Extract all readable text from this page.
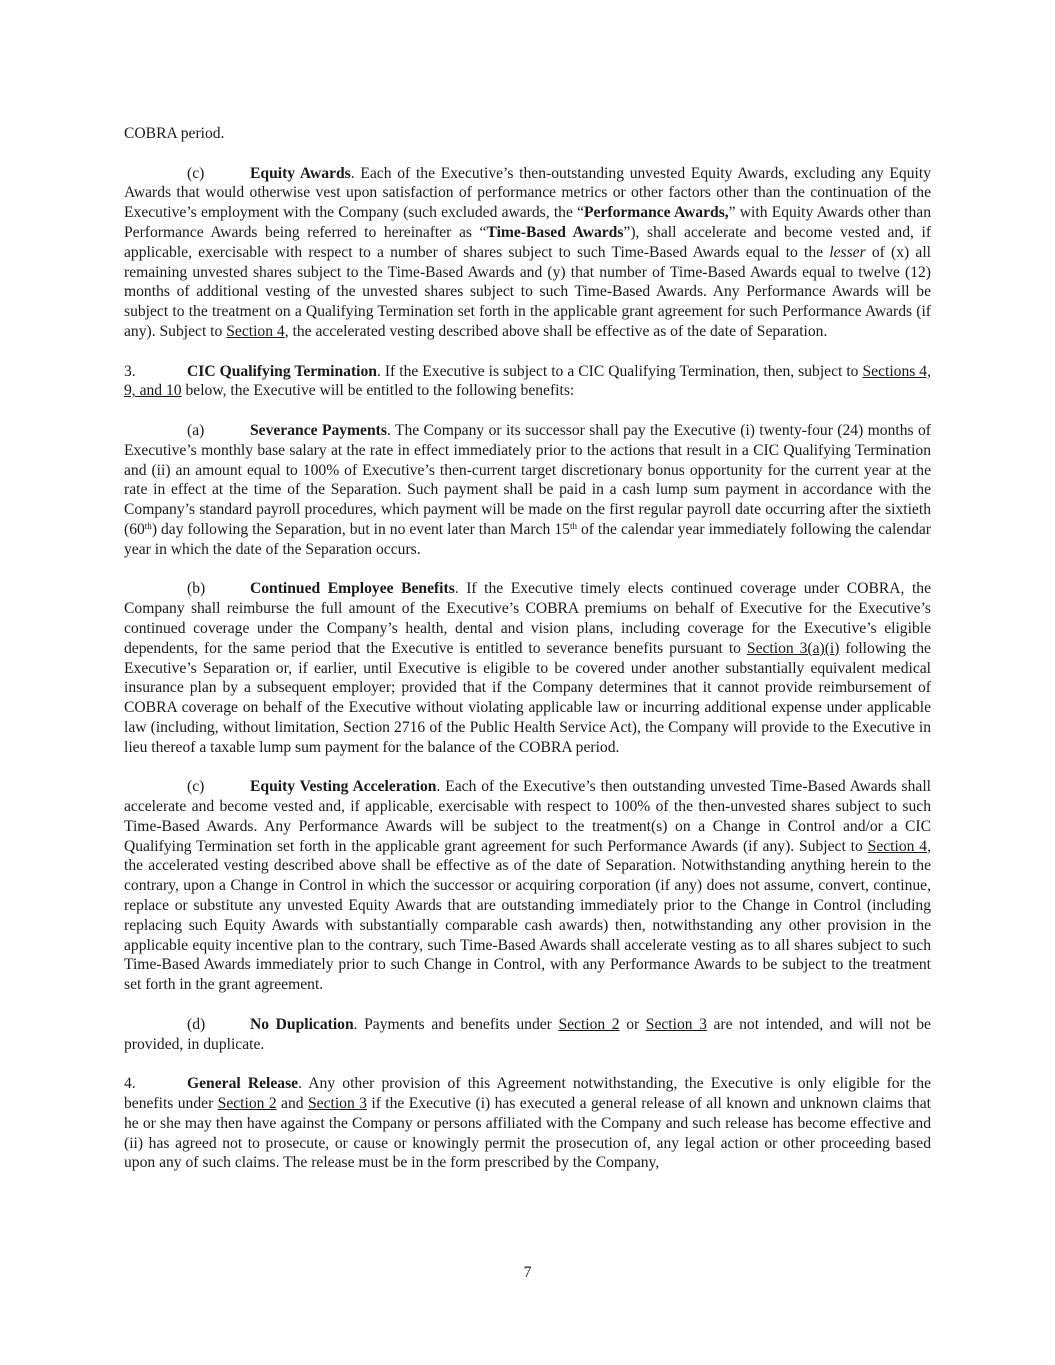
COBRA period.

(c)	Equity Awards. Each of the Executive’s then-outstanding unvested Equity Awards, excluding any Equity Awards that would otherwise vest upon satisfaction of performance metrics or other factors other than the continuation of the Executive’s employment with the Company (such excluded awards, the “Performance Awards,” with Equity Awards other than Performance Awards being referred to hereinafter as “Time-Based Awards”), shall accelerate and become vested and, if applicable, exercisable with respect to a number of shares subject to such Time-Based Awards equal to the lesser of (x) all remaining unvested shares subject to the Time-Based Awards and (y) that number of Time-Based Awards equal to twelve (12) months of additional vesting of the unvested shares subject to such Time-Based Awards. Any Performance Awards will be subject to the treatment on a Qualifying Termination set forth in the applicable grant agreement for such Performance Awards (if any). Subject to Section 4, the accelerated vesting described above shall be effective as of the date of Separation.

3.	CIC Qualifying Termination. If the Executive is subject to a CIC Qualifying Termination, then, subject to Sections 4, 9, and 10 below, the Executive will be entitled to the following benefits:

(a)	Severance Payments. The Company or its successor shall pay the Executive (i) twenty-four (24) months of Executive’s monthly base salary at the rate in effect immediately prior to the actions that result in a CIC Qualifying Termination and (ii) an amount equal to 100% of Executive’s then-current target discretionary bonus opportunity for the current year at the rate in effect at the time of the Separation. Such payment shall be paid in a cash lump sum payment in accordance with the Company’s standard payroll procedures, which payment will be made on the first regular payroll date occurring after the sixtieth (60th) day following the Separation, but in no event later than March 15th of the calendar year immediately following the calendar year in which the date of the Separation occurs.

(b)	Continued Employee Benefits. If the Executive timely elects continued coverage under COBRA, the Company shall reimburse the full amount of the Executive’s COBRA premiums on behalf of Executive for the Executive’s continued coverage under the Company’s health, dental and vision plans, including coverage for the Executive’s eligible dependents, for the same period that the Executive is entitled to severance benefits pursuant to Section 3(a)(i) following the Executive’s Separation or, if earlier, until Executive is eligible to be covered under another substantially equivalent medical insurance plan by a subsequent employer; provided that if the Company determines that it cannot provide reimbursement of COBRA coverage on behalf of the Executive without violating applicable law or incurring additional expense under applicable law (including, without limitation, Section 2716 of the Public Health Service Act), the Company will provide to the Executive in lieu thereof a taxable lump sum payment for the balance of the COBRA period.

(c)	Equity Vesting Acceleration. Each of the Executive’s then outstanding unvested Time-Based Awards shall accelerate and become vested and, if applicable, exercisable with respect to 100% of the then-unvested shares subject to such Time-Based Awards. Any Performance Awards will be subject to the treatment(s) on a Change in Control and/or a CIC Qualifying Termination set forth in the applicable grant agreement for such Performance Awards (if any). Subject to Section 4, the accelerated vesting described above shall be effective as of the date of Separation. Notwithstanding anything herein to the contrary, upon a Change in Control in which the successor or acquiring corporation (if any) does not assume, convert, continue, replace or substitute any unvested Equity Awards that are outstanding immediately prior to the Change in Control (including replacing such Equity Awards with substantially comparable cash awards) then, notwithstanding any other provision in the applicable equity incentive plan to the contrary, such Time-Based Awards shall accelerate vesting as to all shares subject to such Time-Based Awards immediately prior to such Change in Control, with any Performance Awards to be subject to the treatment set forth in the grant agreement.

(d)	No Duplication. Payments and benefits under Section 2 or Section 3 are not intended, and will not be provided, in duplicate.

4.	General Release. Any other provision of this Agreement notwithstanding, the Executive is only eligible for the benefits under Section 2 and Section 3 if the Executive (i) has executed a general release of all known and unknown claims that he or she may then have against the Company or persons affiliated with the Company and such release has become effective and (ii) has agreed not to prosecute, or cause or knowingly permit the prosecution of, any legal action or other proceeding based upon any of such claims. The release must be in the form prescribed by the Company,

7
